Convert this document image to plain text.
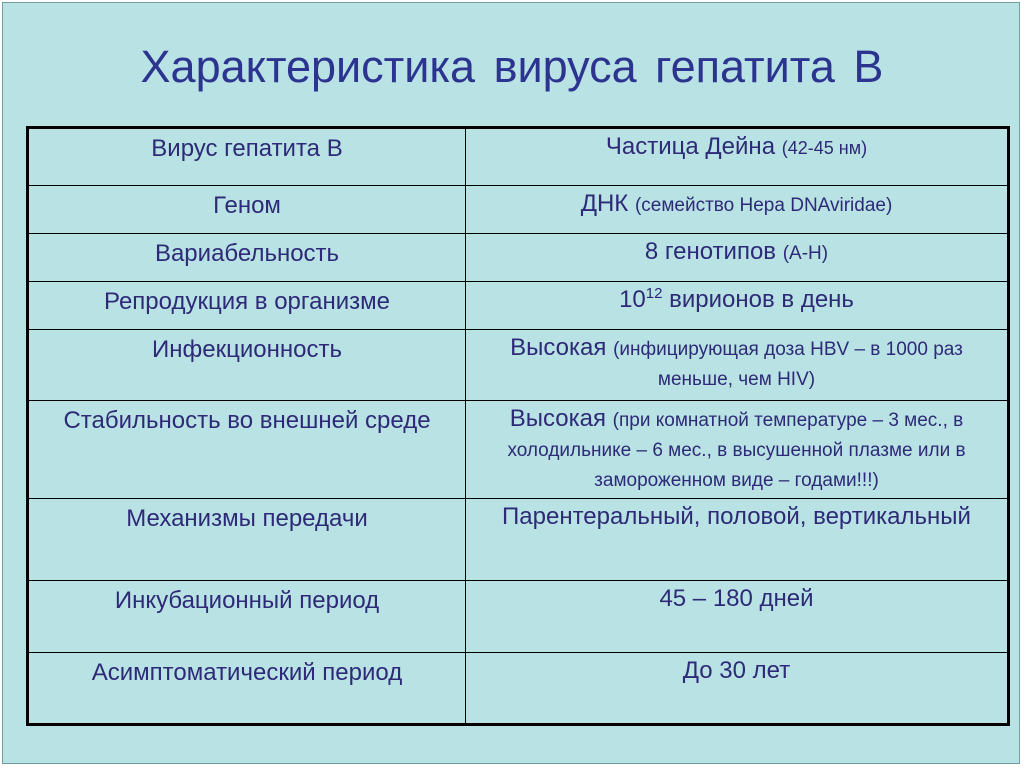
Характеристика вируса гепатита В
Вирус гепатита В	Частица Дейна (42-45 нм)
Геном	ДНК (семейство Hepa DNAviridae)
Вариабельность	8 генотипов (А-Н)
Репродукция в организме	$10^{12}$ вирионов в день
Инфекционность	Высокая (инфицирующая доза HBV – в 1000 раз меньше, чем HIV)
Стабильность во внешней среде	Высокая (при комнатной температуре – 3 мес., в холодильнике – 6 мес., в высушенной плазме или в замороженном виде – годами!!!)
Механизмы передачи	Парентеральный, половой, вертикальный
Инкубационный период	45 – 180 дней
Асимптоматический период	До 30 лет
